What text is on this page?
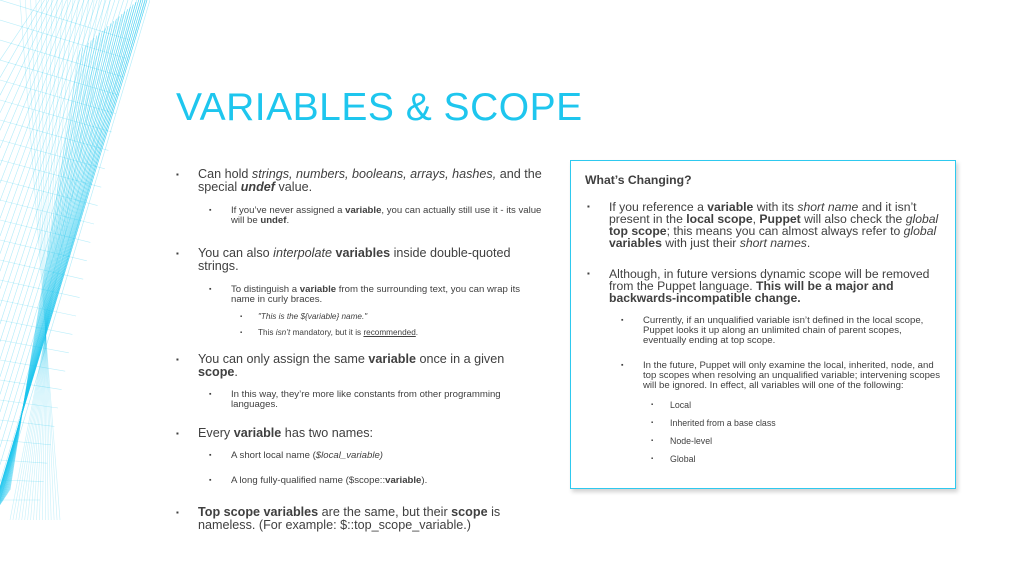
VARIABLES & SCOPE
▪ Can hold strings, numbers, booleans, arrays, hashes, and the special undef value.
▪ If you’ve never assigned a variable, you can actually still use it - its value will be undef.
▪ You can also interpolate variables inside double-quoted strings.
▪ To distinguish a variable from the surrounding text, you can wrap its name in curly braces.
▪ "This is the ${variable} name."
▪ This isn’t mandatory, but it is recommended.
▪ You can only assign the same variable once in a given scope.
▪ In this way, they’re more like constants from other programming languages.
▪ Every variable has two names:
▪ A short local name ($local_variable)
▪ A long fully-qualified name ($scope::variable).
▪ Top scope variables are the same, but their scope is nameless. (For example: $::top_scope_variable.)
What’s Changing?
▪ If you reference a variable with its short name and it isn’t present in the local scope, Puppet will also check the global top scope; this means you can almost always refer to global variables with just their short names.
▪ Although, in future versions dynamic scope will be removed from the Puppet language. This will be a major and backwards-incompatible change.
▪ Currently, if an unqualified variable isn’t defined in the local scope, Puppet looks it up along an unlimited chain of parent scopes, eventually ending at top scope.
▪ In the future, Puppet will only examine the local, inherited, node, and top scopes when resolving an unqualified variable; intervening scopes will be ignored. In effect, all variables will one of the following:
▪ Local
▪ Inherited from a base class
▪ Node-level
▪ Global
